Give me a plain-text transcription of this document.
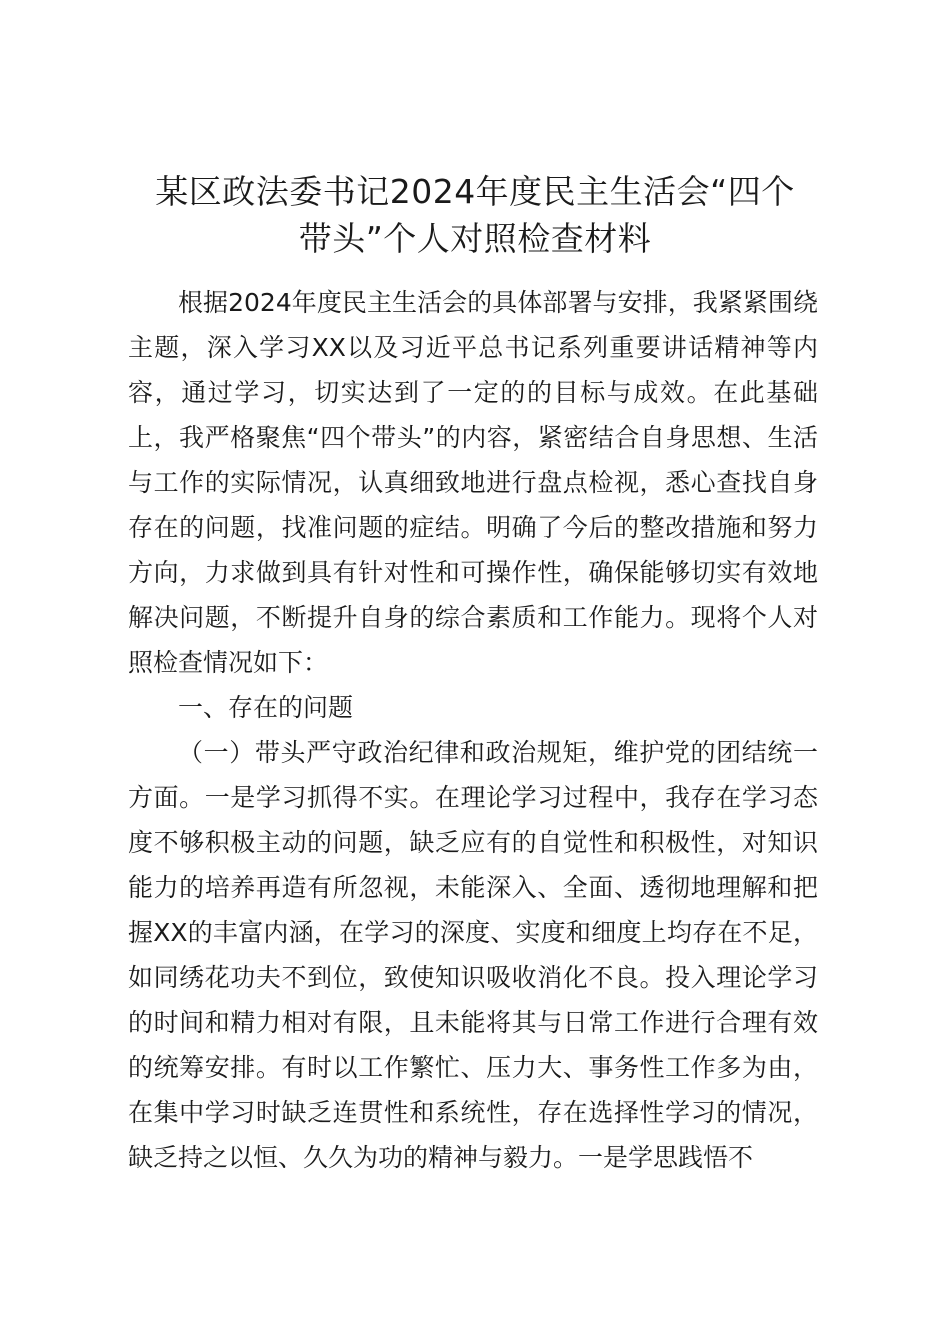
某区政法委书记2024年度民主生活会“四个
带头”个人对照检查材料

根据2024年度民主生活会的具体部署与安排，我紧紧围绕主题，深入学习XX以及习近平总书记系列重要讲话精神等内容，通过学习，切实达到了一定的的目标与成效。在此基础上，我严格聚焦“四个带头”的内容，紧密结合自身思想、生活与工作的实际情况，认真细致地进行盘点检视，悉心查找自身存在的问题，找准问题的症结。明确了今后的整改措施和努力方向，力求做到具有针对性和可操作性，确保能够切实有效地解决问题，不断提升自身的综合素质和工作能力。现将个人对照检查情况如下：

一、存在的问题

（一）带头严守政治纪律和政治规矩，维护党的团结统一方面。一是学习抓得不实。在理论学习过程中，我存在学习态度不够积极主动的问题，缺乏应有的自觉性和积极性，对知识能力的培养再造有所忽视，未能深入、全面、透彻地理解和把握XX的丰富内涵，在学习的深度、实度和细度上均存在不足，如同绣花功夫不到位，致使知识吸收消化不良。投入理论学习的时间和精力相对有限，且未能将其与日常工作进行合理有效的统筹安排。有时以工作繁忙、压力大、事务性工作多为由，在集中学习时缺乏连贯性和系统性，存在选择性学习的情况，缺乏持之以恒、久久为功的精神与毅力。一是学思践悟不
